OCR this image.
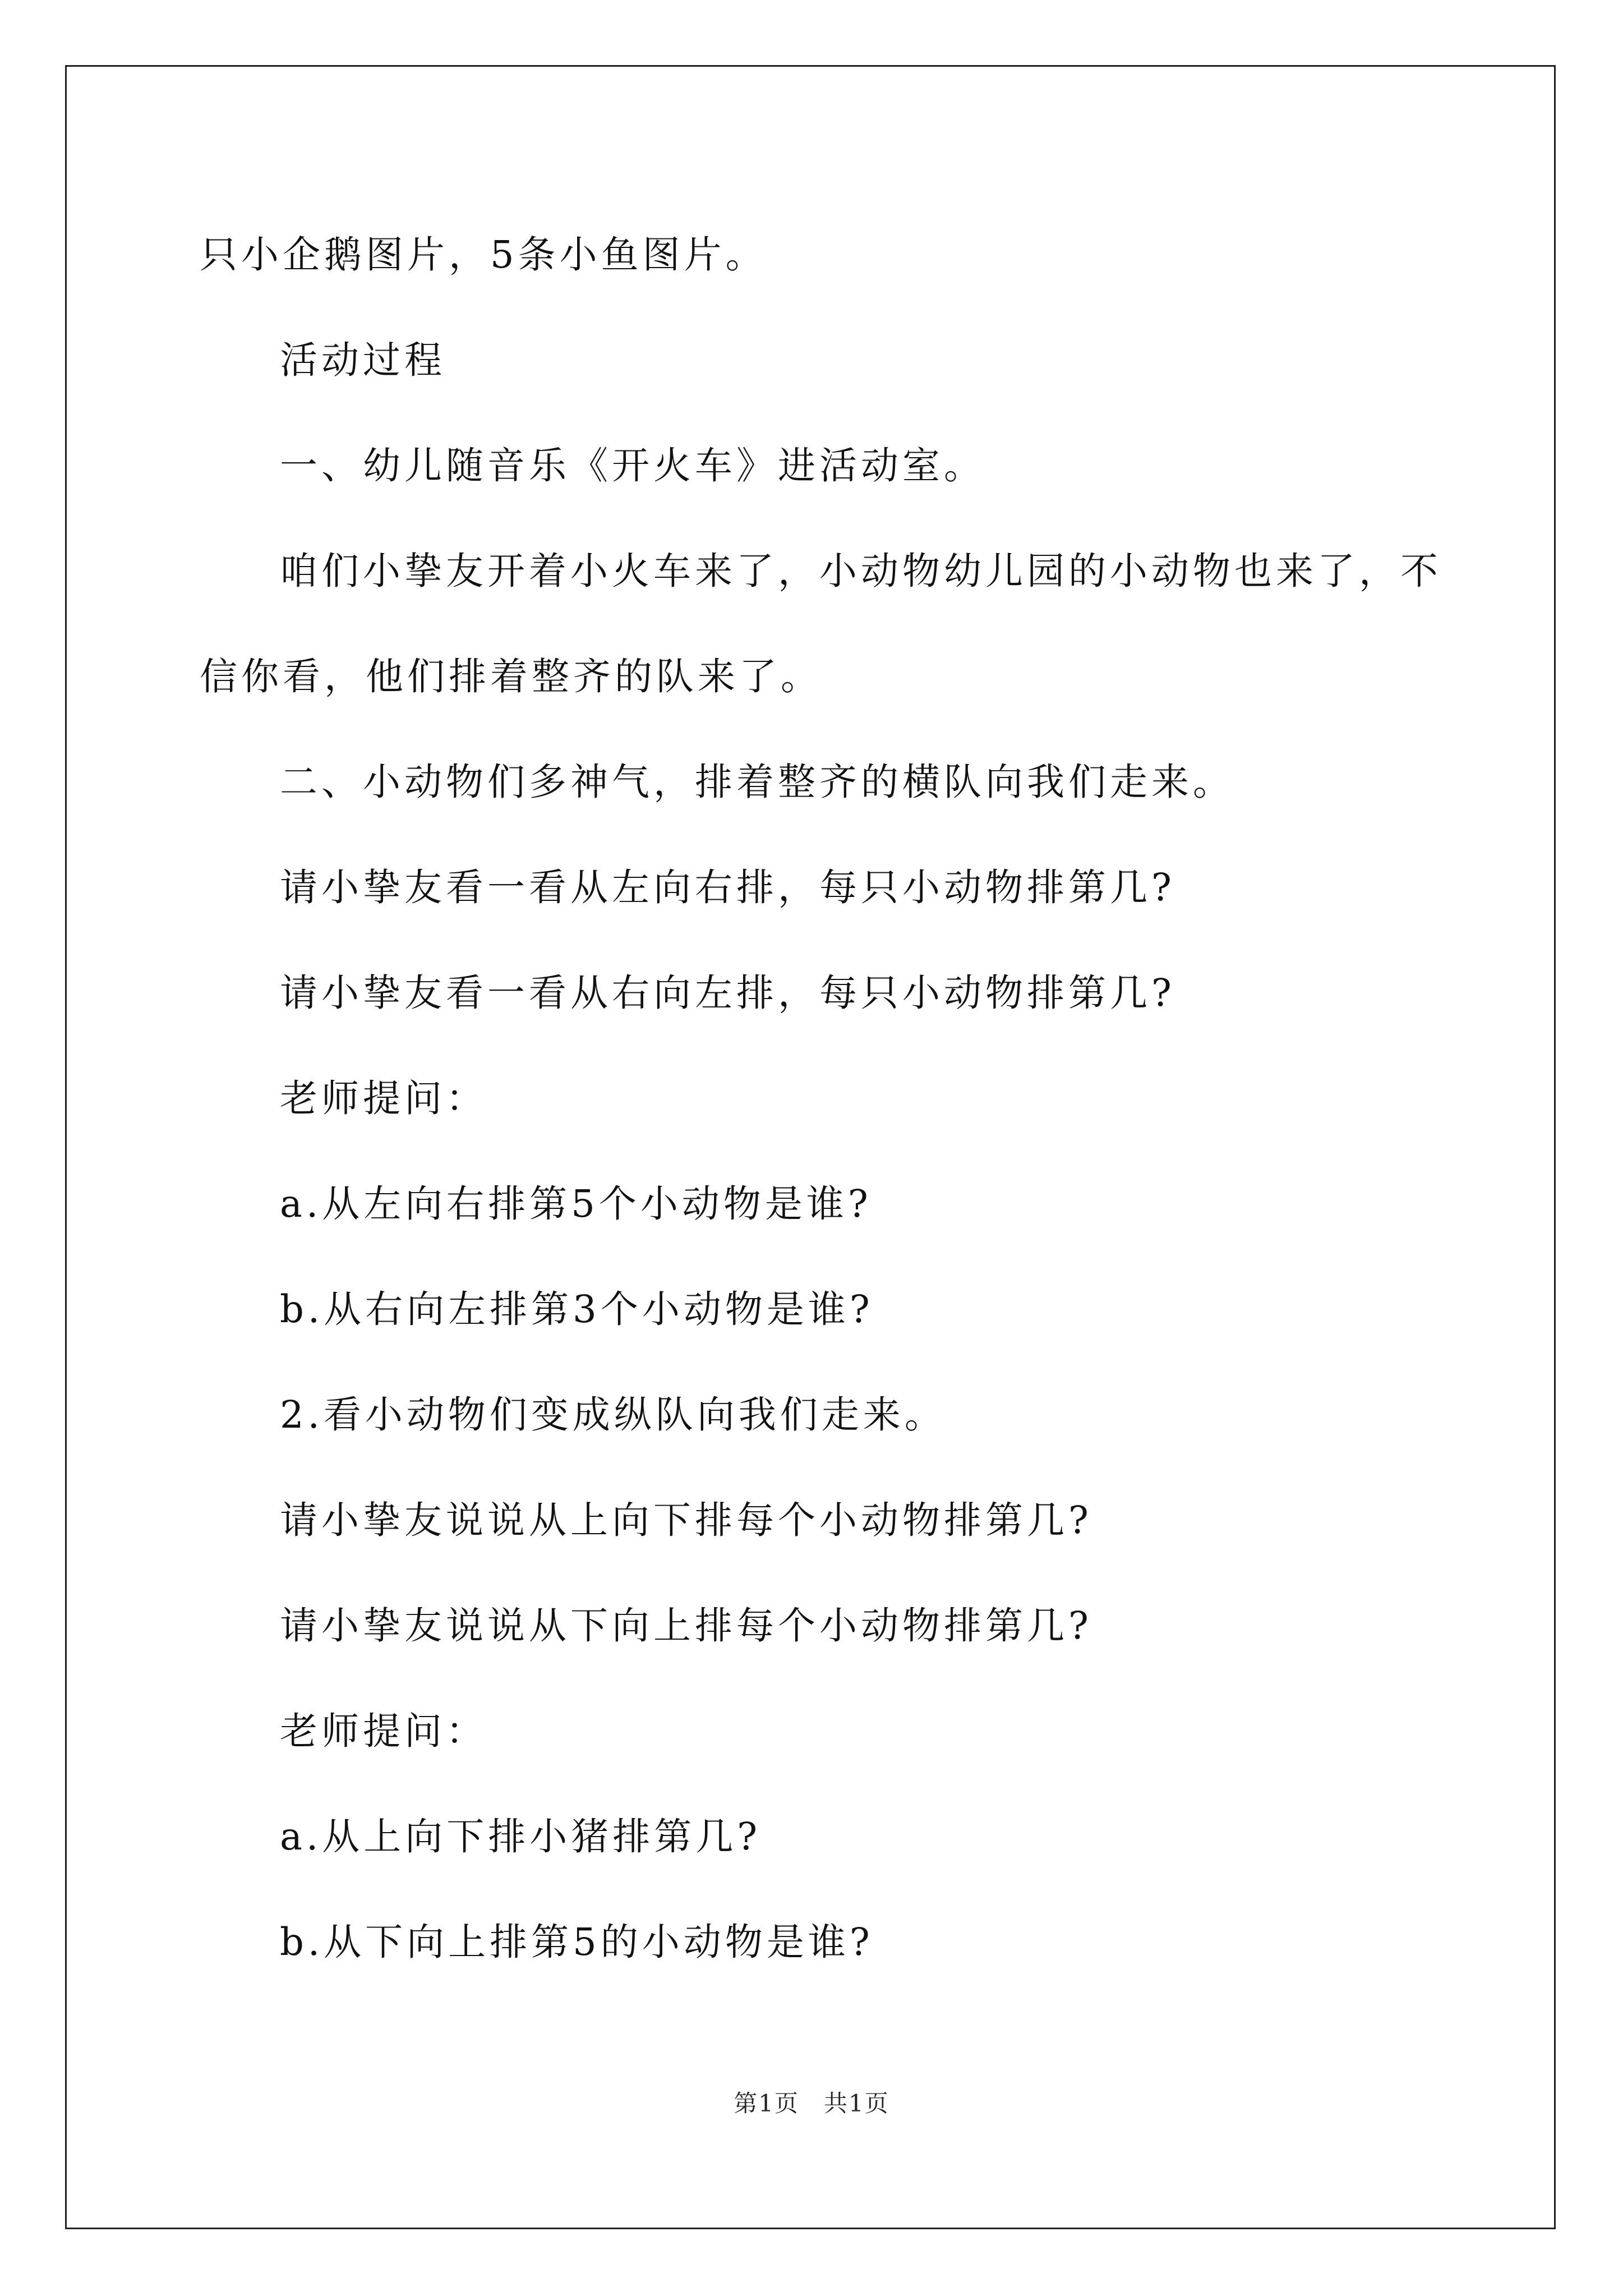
只小企鹅图片，5条小鱼图片。
活动过程
一、幼儿随音乐《开火车》进活动室。
咱们小挚友开着小火车来了，小动物幼儿园的小动物也来了，不
信你看，他们排着整齐的队来了。
二、小动物们多神气，排着整齐的横队向我们走来。
请小挚友看一看从左向右排，每只小动物排第几?
请小挚友看一看从右向左排，每只小动物排第几?
老师提问：
a.从左向右排第5个小动物是谁?
b.从右向左排第3个小动物是谁?
2.看小动物们变成纵队向我们走来。
请小挚友说说从上向下排每个小动物排第几?
请小挚友说说从下向上排每个小动物排第几?
老师提问：
a.从上向下排小猪排第几?
b.从下向上排第5的小动物是谁?
第1页　共1页
